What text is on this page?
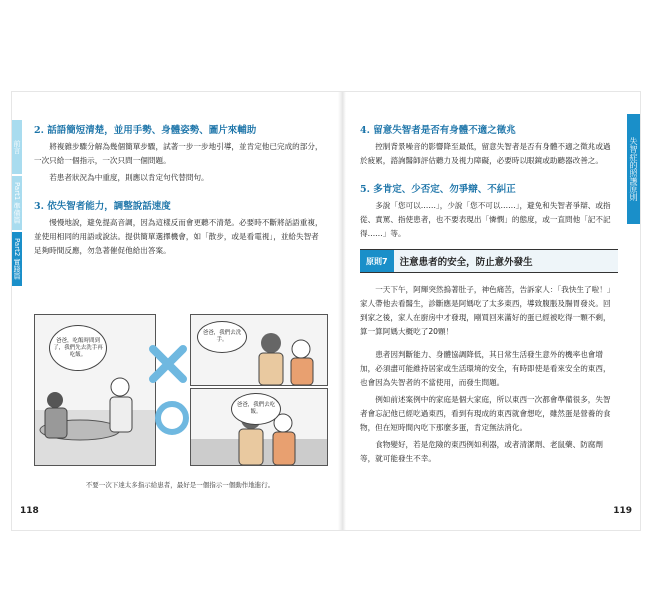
前言
Part1 準備篇
Part2 實踐篇
失智症的照護原則
2. 話語簡短清楚，並用手勢、身體姿勢、圖片來輔助

將複雜步驟分解為幾個簡單步驟，試著一步一步地引導，並肯定他已完成的部分，一次只給一個指示，一次只問一個問題。

若患者狀況為中重度，則應以肯定句代替問句。

3. 依失智者能力，調整說話速度

慢慢地說，避免提高音調，因為這樣反而會更聽不清楚。必要時不斷將話語重複，並使用相同的用語或說法。提供簡單選擇機會，如「散步，或是看電視」，並給失智者足夠時間反應，勿急著催促他給出答案。

爸爸，吃飯時間到了，我們先去洗手再吃飯。
爸爸，我們去洗手。
爸爸，我們去吃飯。
不要一次下達太多指示給患者，最好是一個指示一個動作地進行。
118
4. 留意失智者是否有身體不適之徵兆

控制背景噪音的影響降至最低，留意失智者是否有身體不適之徵兆或過於疲累，諮詢醫師評估聽力及視力障礙，必要時以眼鏡或助聽器改善之。

5. 多肯定、少否定、勿爭辯、不糾正

多說「您可以……」，少說「您不可以……」，避免和失智者爭辯、或指從、責罵、指使患者，也不要表現出「憐憫」的態度，或一直問他「記不記得……」等。

原則7	注意患者的安全，防止意外發生

一天下午，阿輝突然摀著肚子，神色痛苦，告訴家人：「我快生了啦！」家人帶他去看醫生，診斷應是阿媽吃了太多東西，導致腹脹及腸胃發炎。回到家之後，家人在廚房中才發現，剛買回來滿好的蛋已經被吃得一顆不剩，算一算阿媽大概吃了20顆！

患者因判斷能力、身體協調降低，其日常生活發生意外的機率也會增加，必須盡可能維持居家或生活環境的安全，有時即使是看來安全的東西，也會因為失智者的不當使用，而發生問題。

例如前述案例中的家庭是個大家庭，所以東西一次都會準備很多，失智者會忘記他已經吃過東西，看到有現成的東西就會想吃，雖然蛋是營養的食物，但在短時間內吃下那麼多蛋，肯定無法消化。

食物變好，若是危險的東西例如利器，或者清潔劑、老鼠藥、防腐劑等，就可能發生不幸。

119
